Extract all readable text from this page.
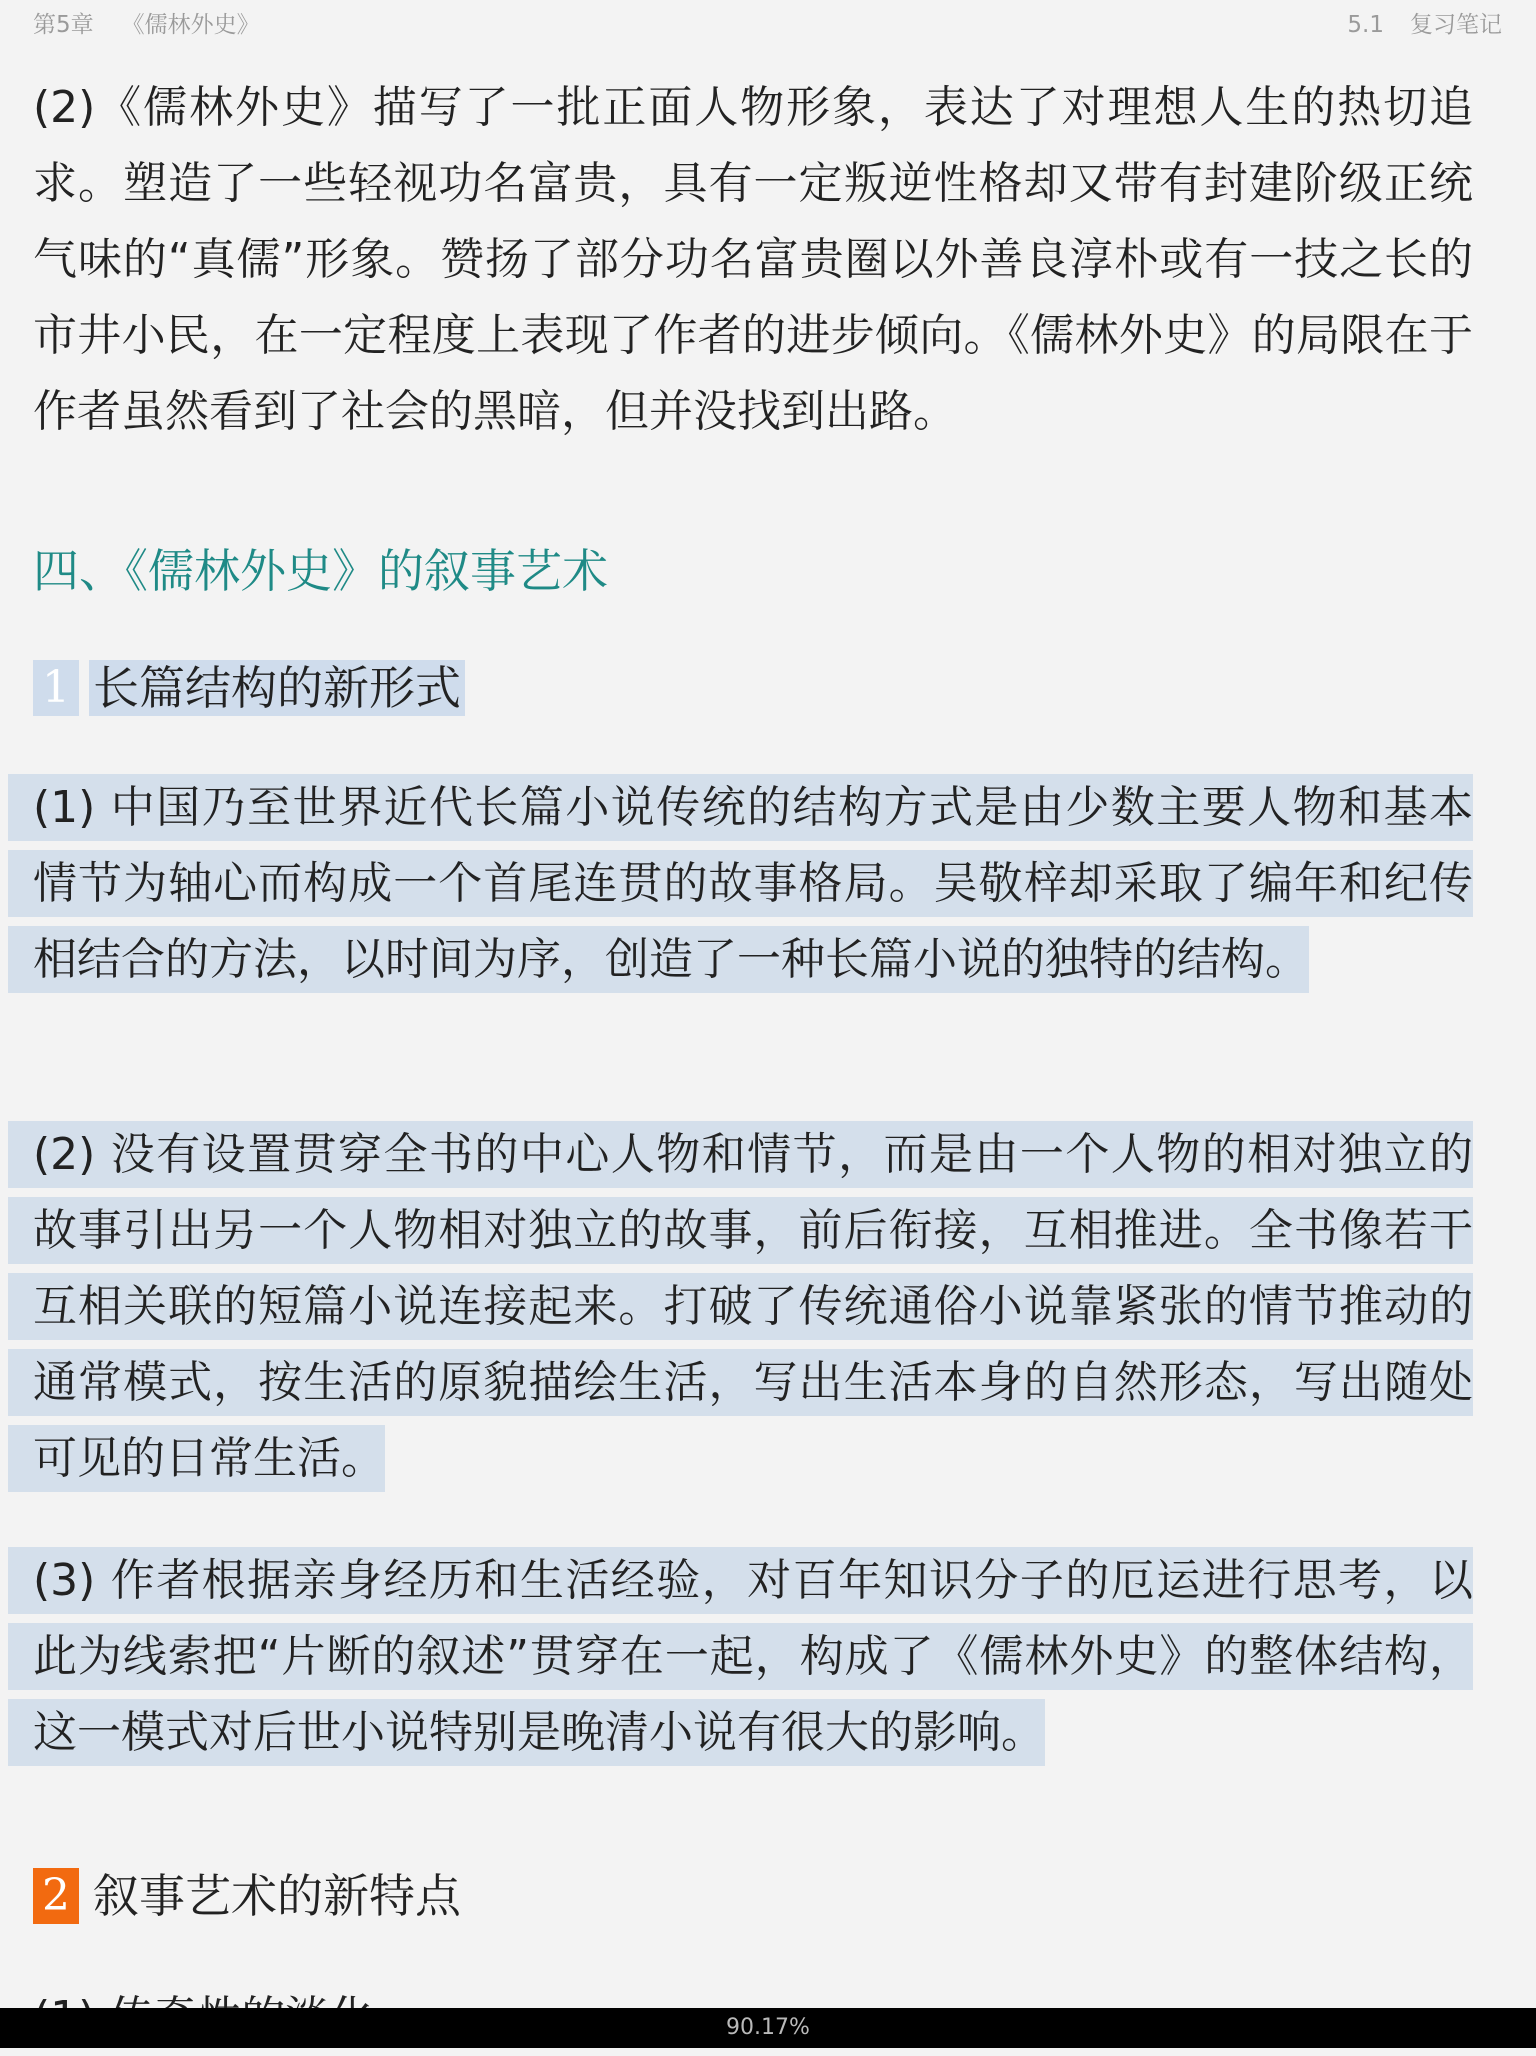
第5章 《儒林外史》	5.1 复习笔记

(2)《儒林外史》描写了一批正面人物形象，表达了对理想人生的热切追求。塑造了一些轻视功名富贵，具有一定叛逆性格却又带有封建阶级正统气味的“真儒”形象。赞扬了部分功名富贵圈以外善良淳朴或有一技之长的市井小民，在一定程度上表现了作者的进步倾向。《儒林外史》的局限在于作者虽然看到了社会的黑暗，但并没找到出路。

四、《儒林外史》的叙事艺术
1 长篇结构的新形式
(1) 中国乃至世界近代长篇小说传统的结构方式是由少数主要人物和基本情节为轴心而构成一个首尾连贯的故事格局。吴敬梓却采取了编年和纪传相结合的方法，以时间为序，创造了一种长篇小说的独特的结构。
(2) 没有设置贯穿全书的中心人物和情节，而是由一个人物的相对独立的故事引出另一个人物相对独立的故事，前后衔接，互相推进。全书像若干互相关联的短篇小说连接起来。打破了传统通俗小说靠紧张的情节推动的通常模式，按生活的原貌描绘生活，写出生活本身的自然形态，写出随处可见的日常生活。
(3) 作者根据亲身经历和生活经验，对百年知识分子的厄运进行思考，以此为线索把“片断的叙述”贯穿在一起，构成了《儒林外史》的整体结构，这一模式对后世小说特别是晚清小说有很大的影响。
2 叙事艺术的新特点
90.17%
